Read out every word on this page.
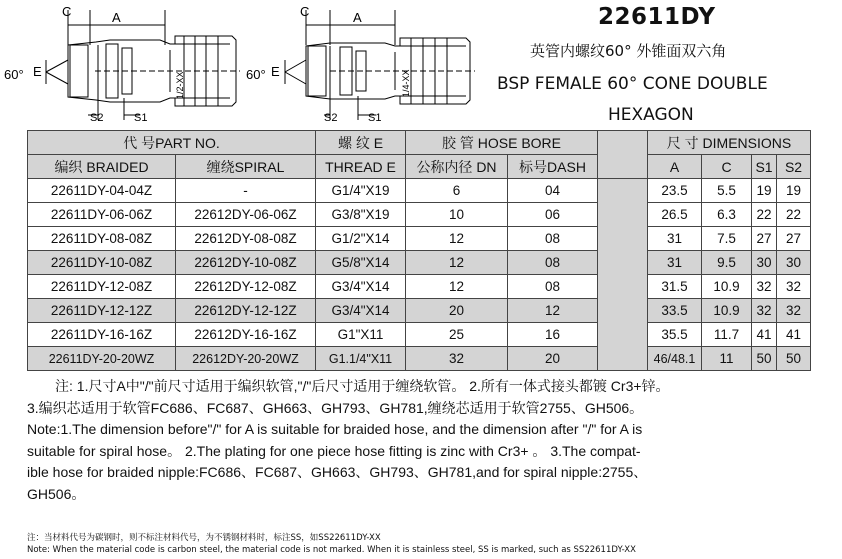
C	A
E
60°
S2	S1
1/2-XX
C	A
E
60°
S2	S1
1/4-XX
22611DY
英管内螺纹60° 外锥面双六角
BSP FEMALE 60° CONE DOUBLE
HEXAGON
代 号PART NO.		螺 纹 E	胶 管 HOSE BORE			尺 寸 DIMENSIONS			
编织 BRAIDED	缠绕SPIRAL	THREAD E	公称内径 DN	标号DASH		A	C	S1	S2
22611DY-04-04Z	-	G1/4"X19	6	04		23.5	5.5	19	19
22611DY-06-06Z	22612DY-06-06Z	G3/8"X19	10	06		26.5	6.3	22	22
22611DY-08-08Z	22612DY-08-08Z	G1/2"X14	12	08		31	7.5	27	27
22611DY-10-08Z	22612DY-10-08Z	G5/8"X14	12	08		31	9.5	30	30
22611DY-12-08Z	22612DY-12-08Z	G3/4"X14	12	08		31.5	10.9	32	32
22611DY-12-12Z	22612DY-12-12Z	G3/4"X14	20	12		33.5	10.9	32	32
22611DY-16-16Z	22612DY-16-16Z	G1"X11	25	16		35.5	11.7	41	41
22611DY-20-20WZ	22612DY-20-20WZ	G1.1/4"X11	32	20		46/48.1	11	50	50

注: 1.尺寸A中"/"前尺寸适用于编织软管,"/"后尺寸适用于缠绕软管。 2.所有一体式接头都镀 Cr3+锌。

3.编织芯适用于软管FC686、FC687、GH663、GH793、GH781,缠绕芯适用于软管2755、GH506。

Note:1.The dimension before"/" for A is suitable for braided hose, and the dimension after "/" for A is

suitable for spiral hose。 2.The plating for one piece hose fitting is zinc with Cr3+ 。 3.The compat-

ible hose for braided nipple:FC686、FC687、GH663、GH793、GH781,and for spiral nipple:2755、

GH506。

注：当材料代号为碳钢时，则不标注材料代号，为不锈钢材料时，标注SS，如SS22611DY-XX
Note: When the material code is carbon steel, the material code is not marked. When it is stainless steel, SS is marked, such as SS22611DY-XX
